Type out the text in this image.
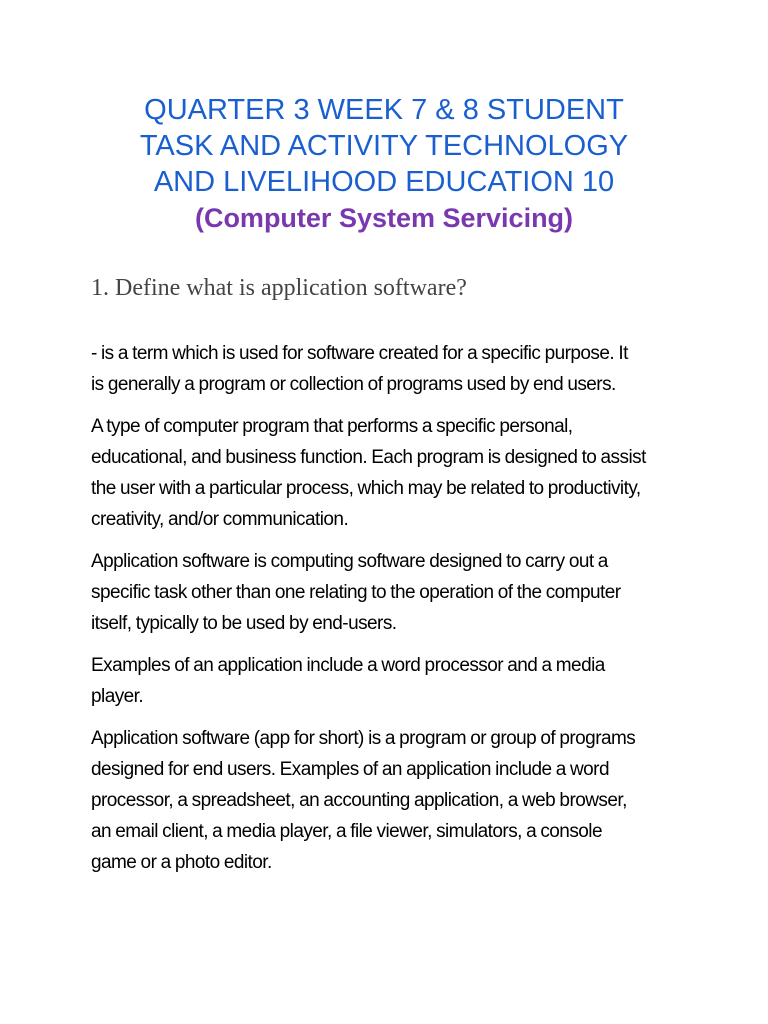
QUARTER 3 WEEK 7 & 8 STUDENT
TASK AND ACTIVITY TECHNOLOGY
AND LIVELIHOOD EDUCATION 10
(Computer System Servicing)
1. Define what is application software?

- is a term which is used for software created for a specific purpose. It
is generally a program or collection of programs used by end users.

A type of computer program that performs a specific personal,
educational, and business function. Each program is designed to assist
the user with a particular process, which may be related to productivity,
creativity, and/or communication.

Application software is computing software designed to carry out a
specific task other than one relating to the operation of the computer
itself, typically to be used by end-users.

Examples of an application include a word processor and a media
player.

Application software (app for short) is a program or group of programs
designed for end users. Examples of an application include a word
processor, a spreadsheet, an accounting application, a web browser,
an email client, a media player, a file viewer, simulators, a console
game or a photo editor.
